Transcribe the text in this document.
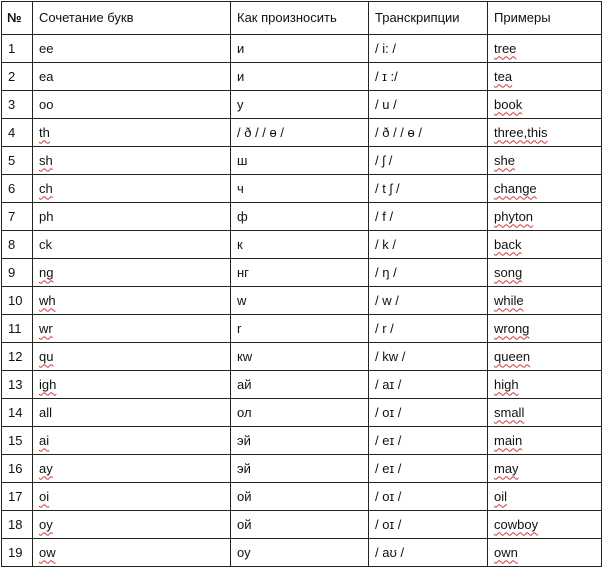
№	Сочетание букв	Как произносить	Транскрипции	Примеры
1	ee	и	/ i: /	tree
2	ea	и	/ ɪ :/	tea
3	oo	у	/ u /	book
4	th	/ ð / / ɵ /	/ ð / / ɵ /	three,this
5	sh	ш	/ ʃ /	she
6	ch	ч	/ t ʃ /	change
7	ph	ф	/ f /	phyton
8	ck	к	/ k /	back
9	ng	нг	/ ŋ /	song
10	wh	w	/ w /	while
11	wr	r	/ r /	wrong
12	qu	кw	/ kw /	queen
13	igh	ай	/ aɪ /	high
14	all	ол	/ oɪ /	small
15	ai	эй	/ eɪ /	main
16	ay	эй	/ eɪ /	may
17	oi	ой	/ oɪ /	oil
18	oy	ой	/ oɪ /	cowboy
19	ow	оу	/ aʊ /	own
